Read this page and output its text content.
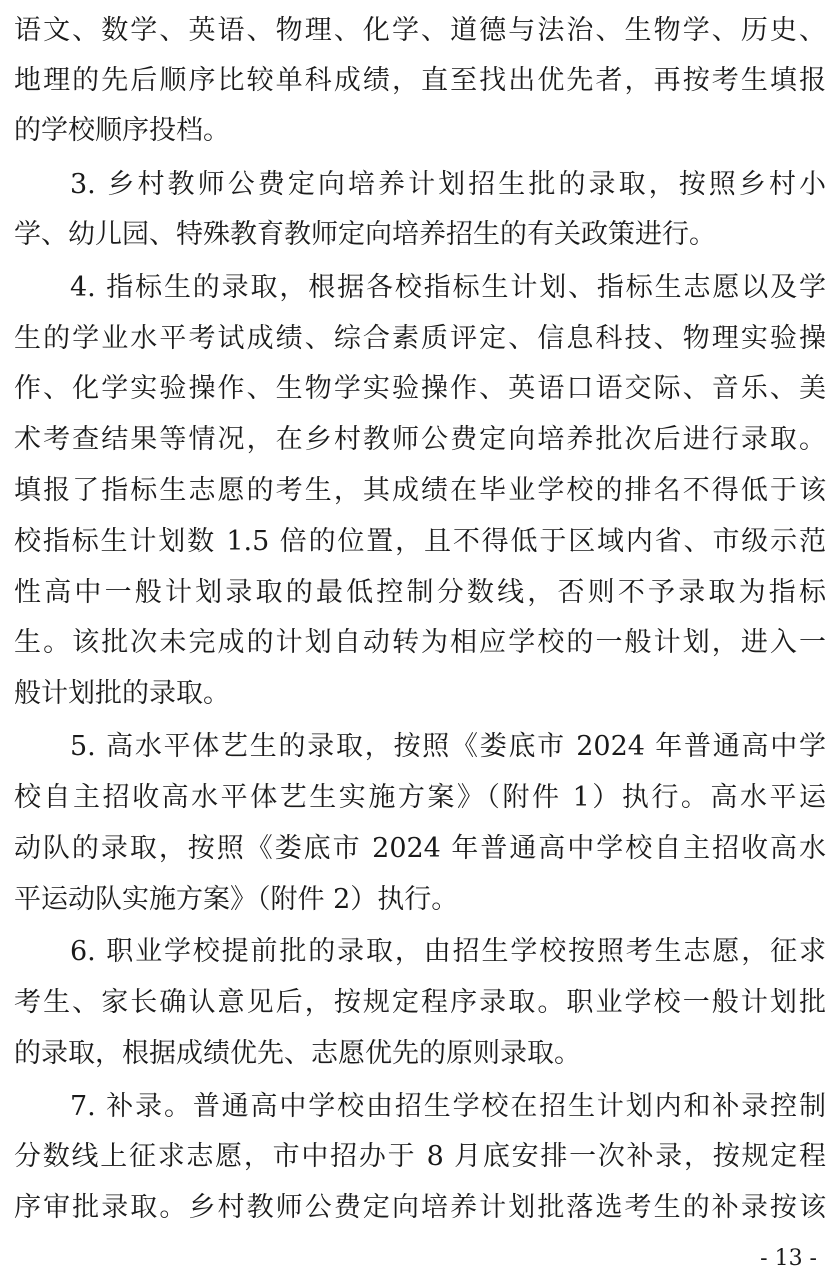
语文、数学、英语、物理、化学、道德与法治、生物学、历史、
地理的先后顺序比较单科成绩，直至找出优先者，再按考生填报
的学校顺序投档。
3. 乡村教师公费定向培养计划招生批的录取，按照乡村小
学、幼儿园、特殊教育教师定向培养招生的有关政策进行。
4. 指标生的录取，根据各校指标生计划、指标生志愿以及学
生的学业水平考试成绩、综合素质评定、信息科技、物理实验操
作、化学实验操作、生物学实验操作、英语口语交际、音乐、美
术考查结果等情况，在乡村教师公费定向培养批次后进行录取。
填报了指标生志愿的考生，其成绩在毕业学校的排名不得低于该
校指标生计划数 1.5 倍的位置，且不得低于区域内省、市级示范
性高中一般计划录取的最低控制分数线，否则不予录取为指标
生。该批次未完成的计划自动转为相应学校的一般计划，进入一
般计划批的录取。
5. 高水平体艺生的录取，按照《娄底市 2024 年普通高中学
校自主招收高水平体艺生实施方案》（附件 1）执行。高水平运
动队的录取，按照《娄底市 2024 年普通高中学校自主招收高水
平运动队实施方案》（附件 2）执行。
6. 职业学校提前批的录取，由招生学校按照考生志愿，征求
考生、家长确认意见后，按规定程序录取。职业学校一般计划批
的录取，根据成绩优先、志愿优先的原则录取。
7. 补录。普通高中学校由招生学校在招生计划内和补录控制
分数线上征求志愿，市中招办于 8 月底安排一次补录，按规定程
序审批录取。乡村教师公费定向培养计划批落选考生的补录按该
- 13 -
